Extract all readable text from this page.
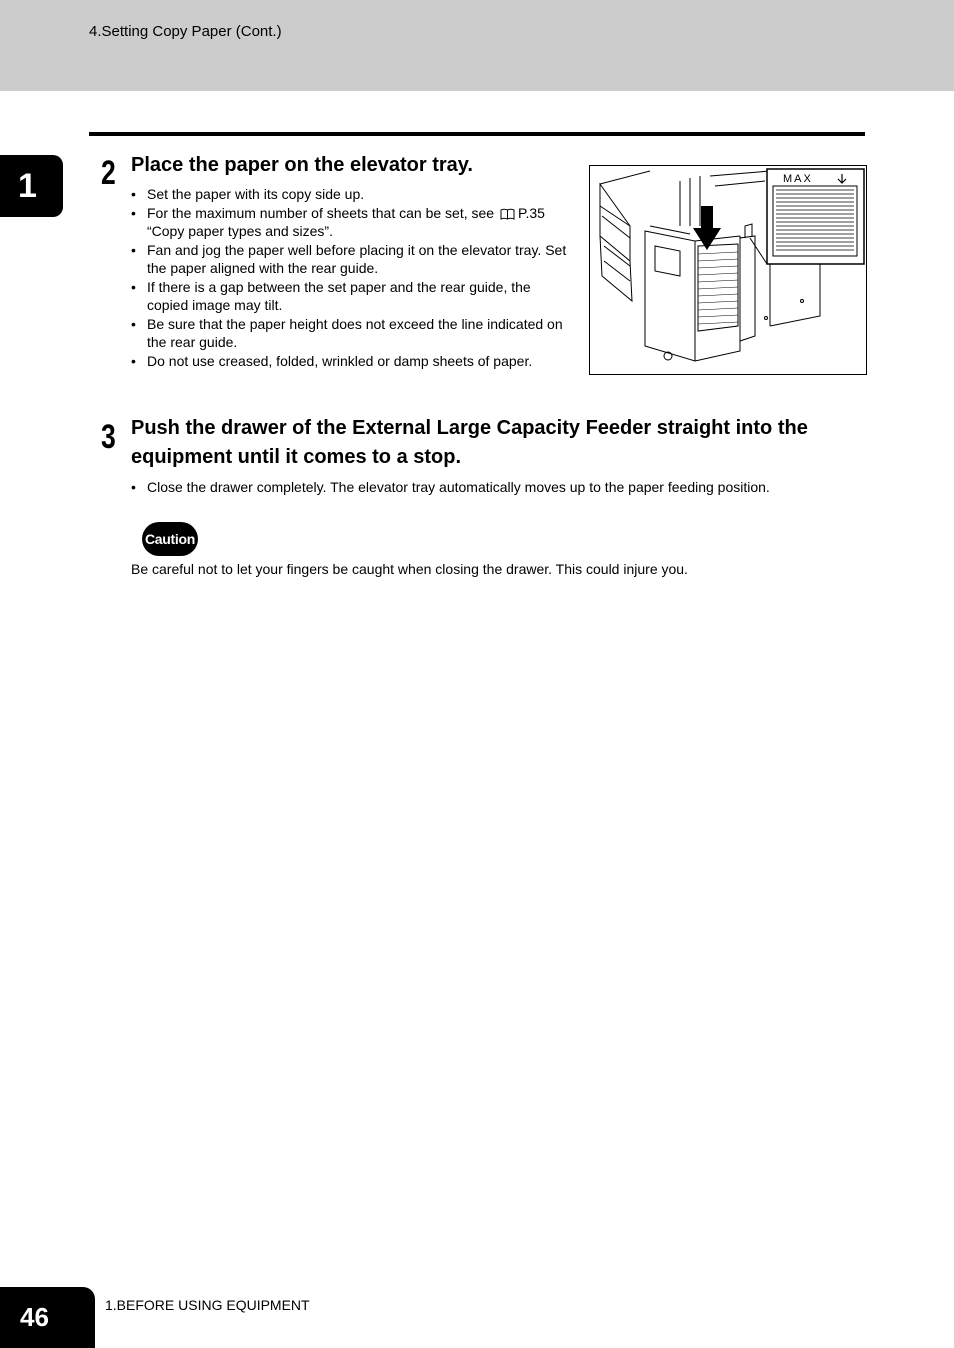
4.Setting Copy Paper (Cont.)
1	2 Place the paper on the elevator tray.
• Set the paper with its copy side up.
• For the maximum number of sheets that can be set, see P.35 “Copy paper types and sizes”.
• Fan and jog the paper well before placing it on the elevator tray. Set the paper aligned with the rear guide.
• If there is a gap between the set paper and the rear guide, the copied image may tilt.
• Be sure that the paper height does not exceed the line indicated on the rear guide.
• Do not use creased, folded, wrinkled or damp sheets of paper.
MAX
3 Push the drawer of the External Large Capacity Feeder straight into the equipment until it comes to a stop.
• Close the drawer completely. The elevator tray automatically moves up to the paper feeding position.
Caution
Be careful not to let your fingers be caught when closing the drawer. This could injure you.
46	1.BEFORE USING EQUIPMENT
